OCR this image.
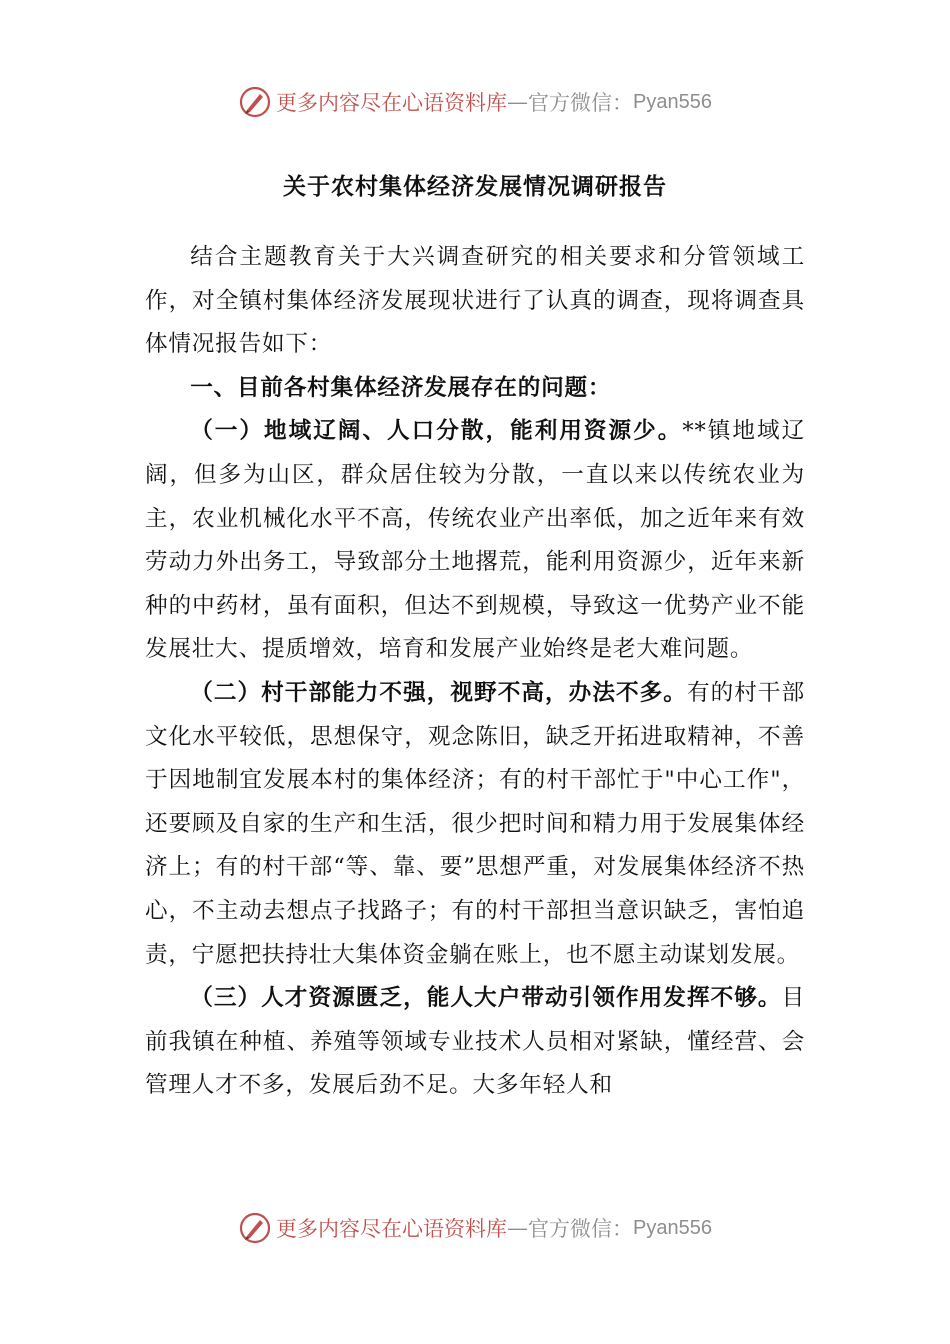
更多内容尽在心语资料库 — 官方微信： Pyan556
关于农村集体经济发展情况调研报告

结合主题教育关于大兴调查研究的相关要求和分管领域工作，对全镇村集体经济发展现状进行了认真的调查，现将调查具体情况报告如下：

一、目前各村集体经济发展存在的问题：

（一）地域辽阔、人口分散，能利用资源少。**镇地域辽阔，但多为山区，群众居住较为分散，一直以来以传统农业为主，农业机械化水平不高，传统农业产出率低，加之近年来有效劳动力外出务工，导致部分土地撂荒，能利用资源少，近年来新种的中药材，虽有面积，但达不到规模，导致这一优势产业不能发展壮大、提质增效，培育和发展产业始终是老大难问题。

（二）村干部能力不强，视野不高，办法不多。有的村干部文化水平较低，思想保守，观念陈旧，缺乏开拓进取精神，不善于因地制宜发展本村的集体经济；有的村干部忙于"中心工作"，还要顾及自家的生产和生活，很少把时间和精力用于发展集体经济上；有的村干部“等、靠、要”思想严重，对发展集体经济不热心，不主动去想点子找路子；有的村干部担当意识缺乏，害怕追责，宁愿把扶持壮大集体资金躺在账上，也不愿主动谋划发展。

（三）人才资源匮乏，能人大户带动引领作用发挥不够。目前我镇在种植、养殖等领域专业技术人员相对紧缺，懂经营、会管理人才不多，发展后劲不足。大多年轻人和

更多内容尽在心语资料库 — 官方微信： Pyan556
